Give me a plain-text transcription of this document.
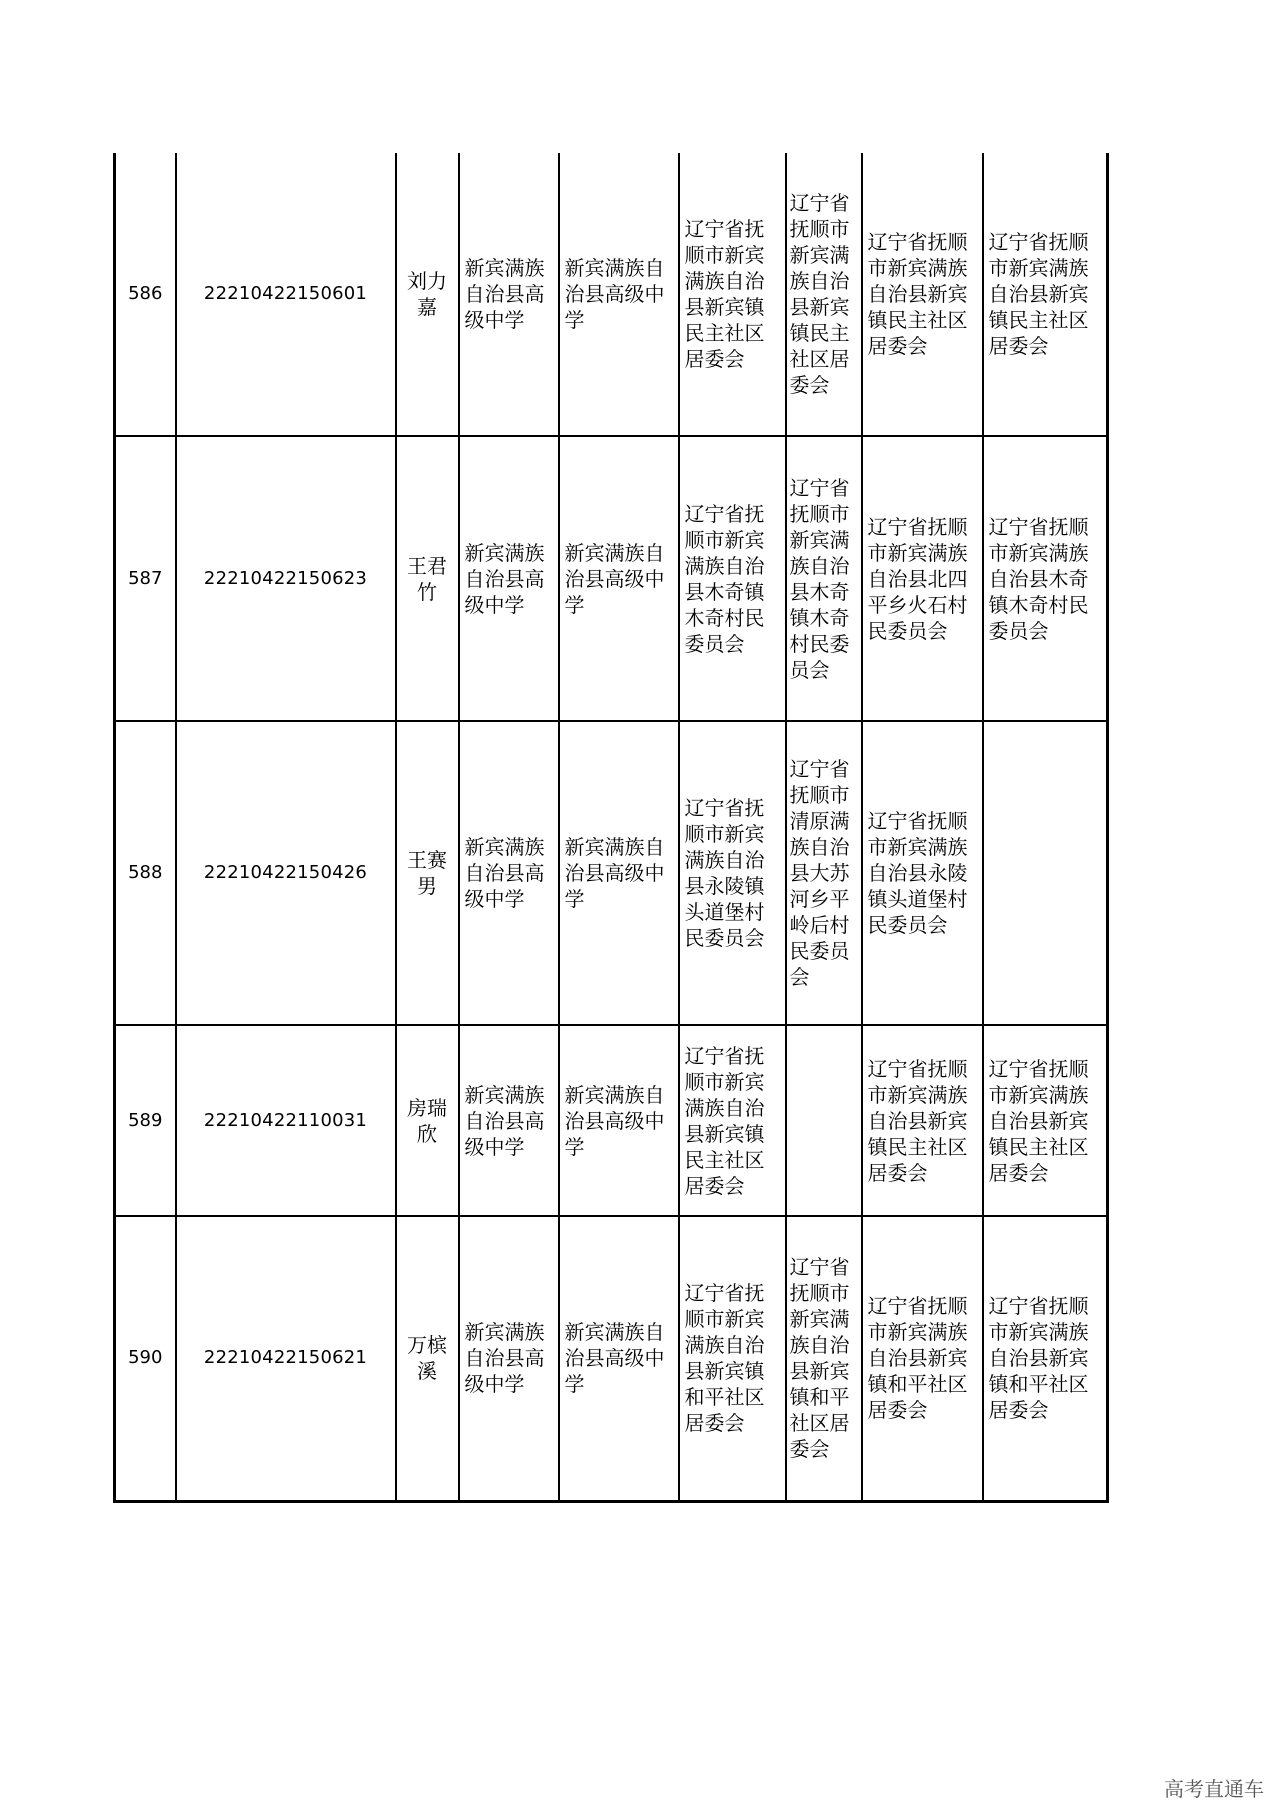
586	22210422150601	刘力嘉	新宾满族自治县高级中学	新宾满族自治县高级中学	辽宁省抚顺市新宾满族自治县新宾镇民主社区居委会	辽宁省抚顺市新宾满族自治县新宾镇民主社区居委会	辽宁省抚顺市新宾满族自治县新宾镇民主社区居委会	辽宁省抚顺市新宾满族自治县新宾镇民主社区居委会
587	22210422150623	王君竹	新宾满族自治县高级中学	新宾满族自治县高级中学	辽宁省抚顺市新宾满族自治县木奇镇木奇村民委员会	辽宁省抚顺市新宾满族自治县木奇镇木奇村民委员会	辽宁省抚顺市新宾满族自治县北四平乡火石村民委员会	辽宁省抚顺市新宾满族自治县木奇镇木奇村民委员会
588	22210422150426	王赛男	新宾满族自治县高级中学	新宾满族自治县高级中学	辽宁省抚顺市新宾满族自治县永陵镇头道堡村民委员会	辽宁省抚顺市清原满族自治县大苏河乡平岭后村民委员会	辽宁省抚顺市新宾满族自治县永陵镇头道堡村民委员会	
589	22210422110031	房瑞欣	新宾满族自治县高级中学	新宾满族自治县高级中学	辽宁省抚顺市新宾满族自治县新宾镇民主社区居委会		辽宁省抚顺市新宾满族自治县新宾镇民主社区居委会	辽宁省抚顺市新宾满族自治县新宾镇民主社区居委会
590	22210422150621	万槟溪	新宾满族自治县高级中学	新宾满族自治县高级中学	辽宁省抚顺市新宾满族自治县新宾镇和平社区居委会	辽宁省抚顺市新宾满族自治县新宾镇和平社区居委会	辽宁省抚顺市新宾满族自治县新宾镇和平社区居委会	辽宁省抚顺市新宾满族自治县新宾镇和平社区居委会
高考直通车
